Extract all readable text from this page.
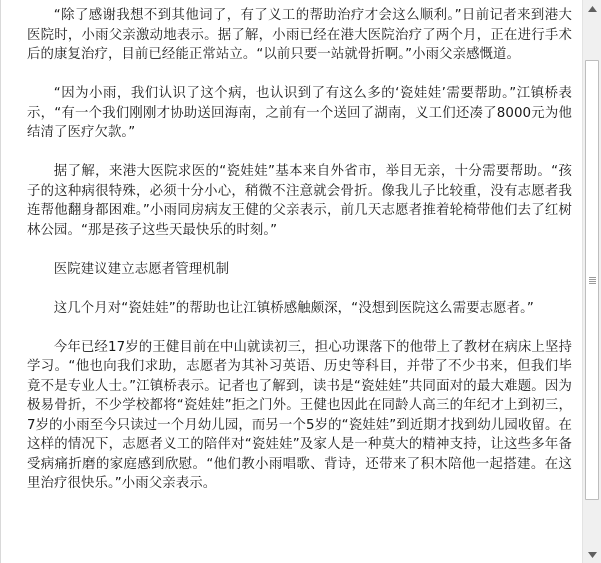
“除了感谢我想不到其他词了，有了义工的帮助治疗才会这么顺利。”日前记者来到港大医院时，小雨父亲激动地表示。据了解，小雨已经在港大医院治疗了两个月，正在进行手术后的康复治疗，目前已经能正常站立。“以前只要一站就骨折啊。”小雨父亲感慨道。

“因为小雨，我们认识了这个病，也认识到了有这么多的‘瓷娃娃’需要帮助。”江镇桥表示，“有一个我们刚刚才协助送回海南，之前有一个送回了湖南，义工们还凑了8000元为他结清了医疗欠款。”

据了解，来港大医院求医的“瓷娃娃”基本来自外省市，举目无亲，十分需要帮助。“孩子的这种病很特殊，必须十分小心，稍微不注意就会骨折。像我儿子比较重，没有志愿者我连帮他翻身都困难。”小雨同房病友王健的父亲表示，前几天志愿者推着轮椅带他们去了红树林公园。“那是孩子这些天最快乐的时刻。”

医院建议建立志愿者管理机制

这几个月对“瓷娃娃”的帮助也让江镇桥感触颇深，“没想到医院这么需要志愿者。”

今年已经17岁的王健目前在中山就读初三，担心功课落下的他带上了教材在病床上坚持学习。“他也向我们求助，志愿者为其补习英语、历史等科目，并带了不少书来，但我们毕竟不是专业人士。”江镇桥表示。记者也了解到，读书是“瓷娃娃”共同面对的最大难题。因为极易骨折，不少学校都将“瓷娃娃”拒之门外。王健也因此在同龄人高三的年纪才上到初三，7岁的小雨至今只读过一个月幼儿园，而另一个5岁的“瓷娃娃”到近期才找到幼儿园收留。在这样的情况下，志愿者义工的陪伴对“瓷娃娃”及家人是一种莫大的精神支持，让这些多年备受病痛折磨的家庭感到欣慰。“他们教小雨唱歌、背诗，还带来了积木陪他一起搭建。在这里治疗很快乐。”小雨父亲表示。
